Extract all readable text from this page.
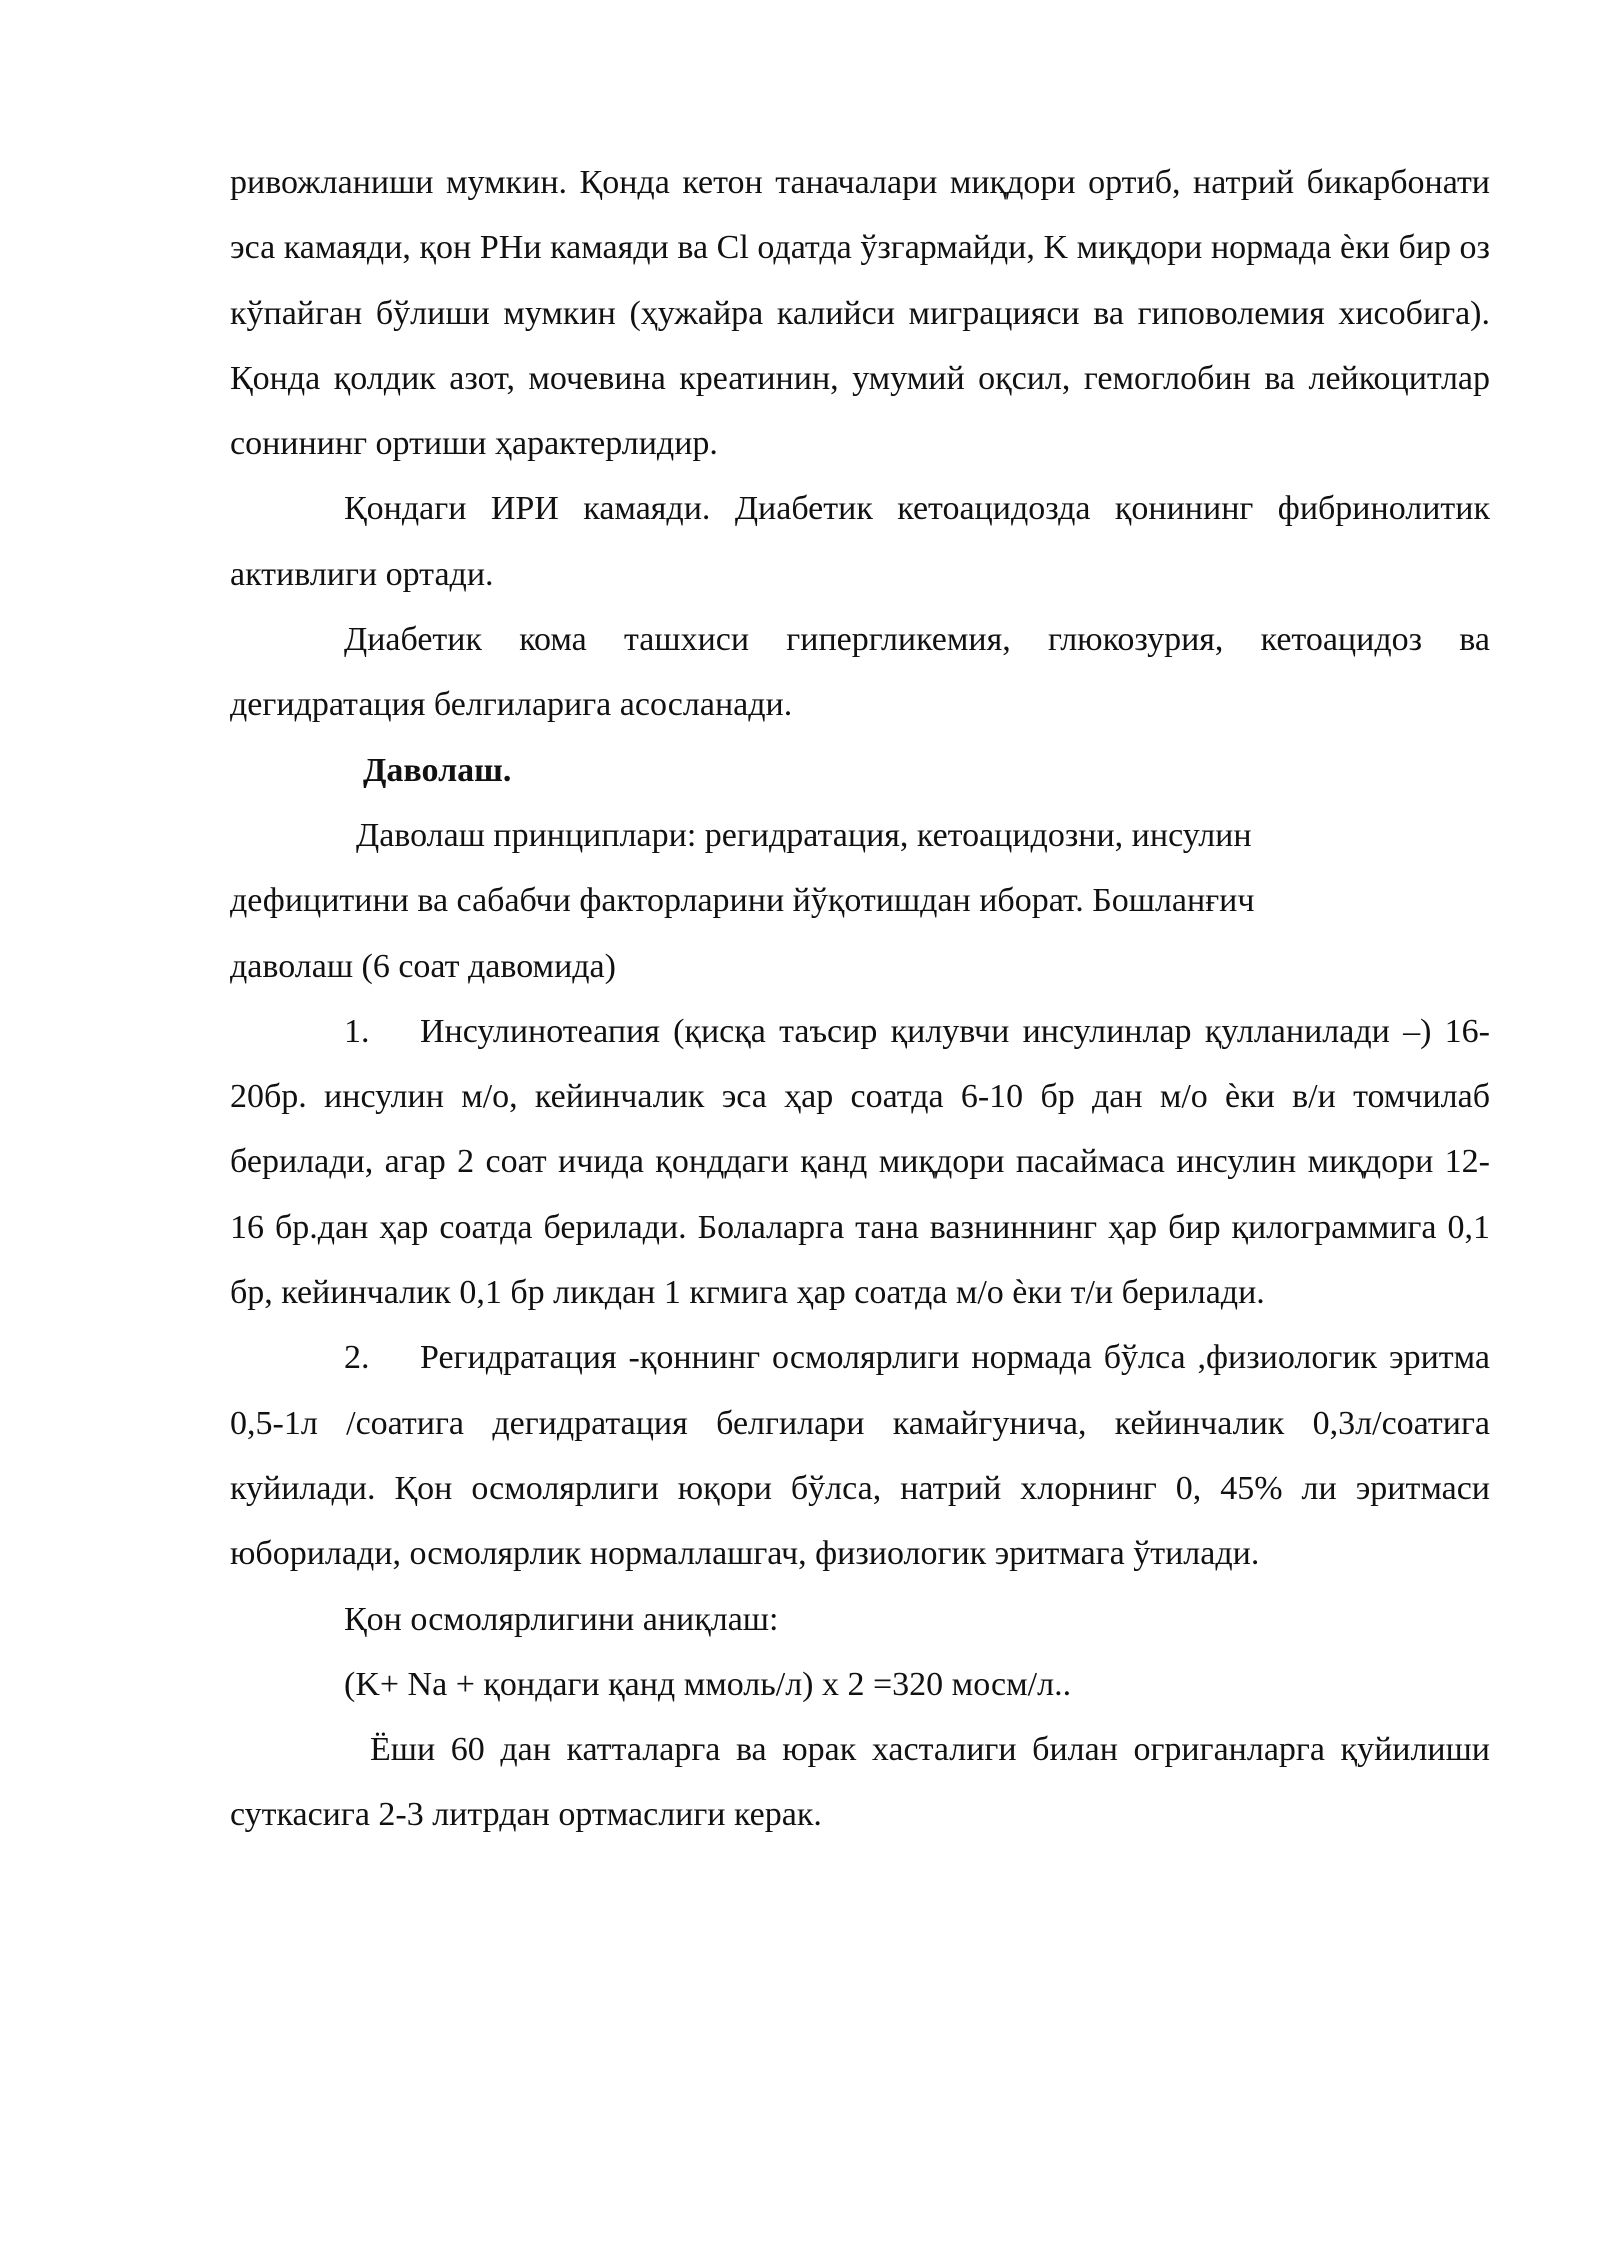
ривожланиши мумкин. Қонда кетон таначалари миқдори ортиб, натрий бикарбонати эса камаяди, қон РНи камаяди ва Cl одатда ўзгармайди, K миқдори нормада ѐки бир оз кўпайган бўлиши мумкин (ҳужайра калийси миграцияси ва гиповолемия хисобига). Қонда қолдик азот, мочевина креатинин, умумий оқсил, гемоглобин ва лейкоцитлар сонининг ортиши ҳарактерлидир.

Қондаги ИРИ камаяди. Диабетик кетоацидозда қонининг фибринолитик активлиги ортади.

Диабетик кома ташхиси гипергликемия, глюкозурия, кетоацидоз ва дегидратация белгиларига асосланади.

Даволаш.

Даволаш принциплари: регидратация, кетоацидозни, инсулин

дефицитини ва сабабчи факторларини йўқотишдан иборат. Бошланғич

даволаш (6 соат давомида)

1. Инсулинотеапия (қисқа таъсир қилувчи инсулинлар қулланилади –) 16-20бр. инсулин м/о, кейинчалик эса ҳар соатда 6-10 бр дан м/о ѐки в/и томчилаб берилади, агар 2 соат ичида қонддаги қанд миқдори пасаймаса инсулин миқдори 12-16 бр.дан ҳар соатда берилади. Болаларга тана вазниннинг ҳар бир қилограммига 0,1 бр, кейинчалик 0,1 бр ликдан 1 кгмига ҳар соатда м/о ѐки т/и берилади.

2. Регидратация -қоннинг осмолярлиги нормада бўлса ,физиологик эритма 0,5-1л /соатига дегидратация белгилари камайгунича, кейинчалик 0,3л/соатига куйилади. Қон осмолярлиги юқори бўлса, натрий хлорнинг 0, 45% ли эритмаси юборилади, осмолярлик нормаллашгач, физиологик эритмага ўтилади.

Қон осмолярлигини аниқлаш:

(K+ Na + қондаги қанд ммоль/л) х 2 =320 мосм/л..

Ёши 60 дан катталарга ва юрак хасталиги билан огриганларга қуйилиши суткасига 2-3 литрдан ортмаслиги керак.
